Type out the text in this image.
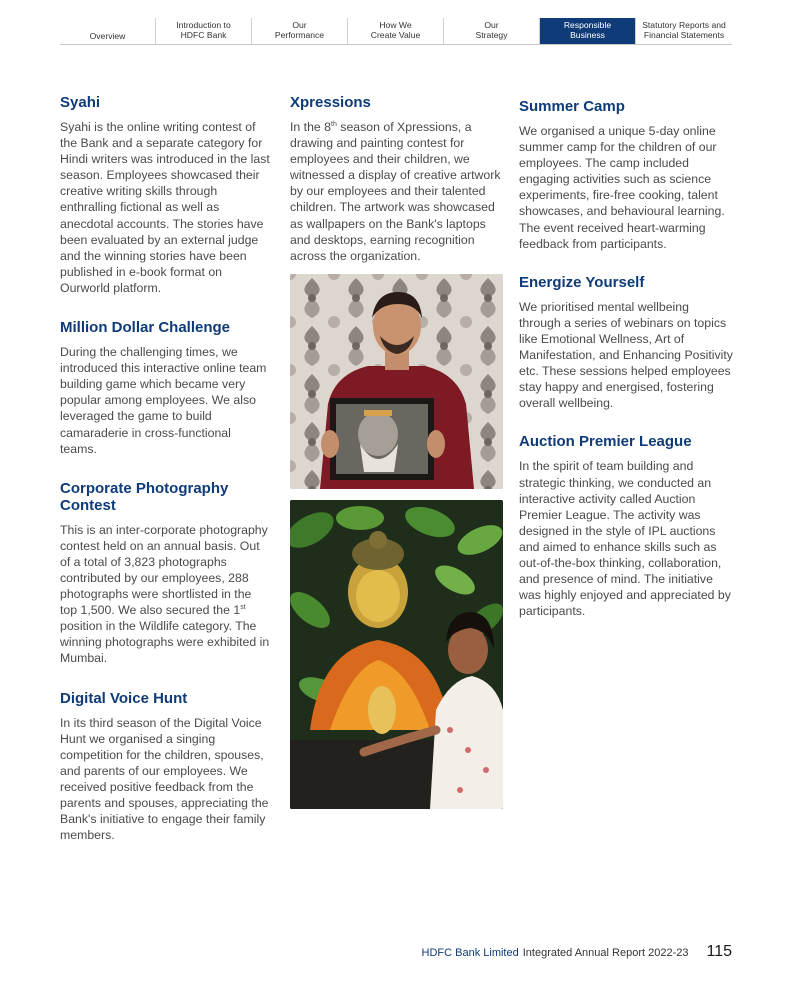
Overview
Introduction to
HDFC Bank
Our
Performance
How We
Create Value
Our
Strategy
Responsible
Business
Statutory Reports and
Financial Statements
Syahi

Syahi is the online writing contest of the Bank and a separate category for Hindi writers was introduced in the last season. Employees showcased their creative writing skills through enthralling fictional as well as anecdotal accounts. The stories have been evaluated by an external judge and the winning stories have been published in e-book format on Ourworld platform.

Million Dollar Challenge

During the challenging times, we introduced this interactive online team building game which became very popular among employees. We also leveraged the game to build camaraderie in cross-functional teams.

Corporate Photography Contest

This is an inter-corporate photography contest held on an annual basis. Out of a total of 3,823 photographs contributed by our employees, 288 photographs were shortlisted in the top 1,500. We also secured the 1st position in the Wildlife category. The winning photographs were exhibited in Mumbai.

Digital Voice Hunt

In its third season of the Digital Voice Hunt we organised a singing competition for the children, spouses, and parents of our employees. We received positive feedback from the parents and spouses, appreciating the Bank's initiative to engage their family members.

Xpressions

In the 8th season of Xpressions, a drawing and painting contest for employees and their children, we witnessed a display of creative artwork by our employees and their talented children. The artwork was showcased as wallpapers on the Bank's laptops and desktops, earning recognition across the organization.

Summer Camp

We organised a unique 5-day online summer camp for the children of our employees. The camp included engaging activities such as science experiments, fire-free cooking, talent showcases, and behavioural learning. The event received heart-warming feedback from participants.

Energize Yourself

We prioritised mental wellbeing through a series of webinars on topics like Emotional Wellness, Art of Manifestation, and Enhancing Positivity etc. These sessions helped employees stay happy and energised, fostering overall wellbeing.

Auction Premier League

In the spirit of team building and strategic thinking, we conducted an interactive activity called Auction Premier League. The activity was designed in the style of IPL auctions and aimed to enhance skills such as out-of-the-box thinking, collaboration, and presence of mind. The initiative was highly enjoyed and appreciated by participants.

HDFC Bank Limited Integrated Annual Report 2022-23 115
